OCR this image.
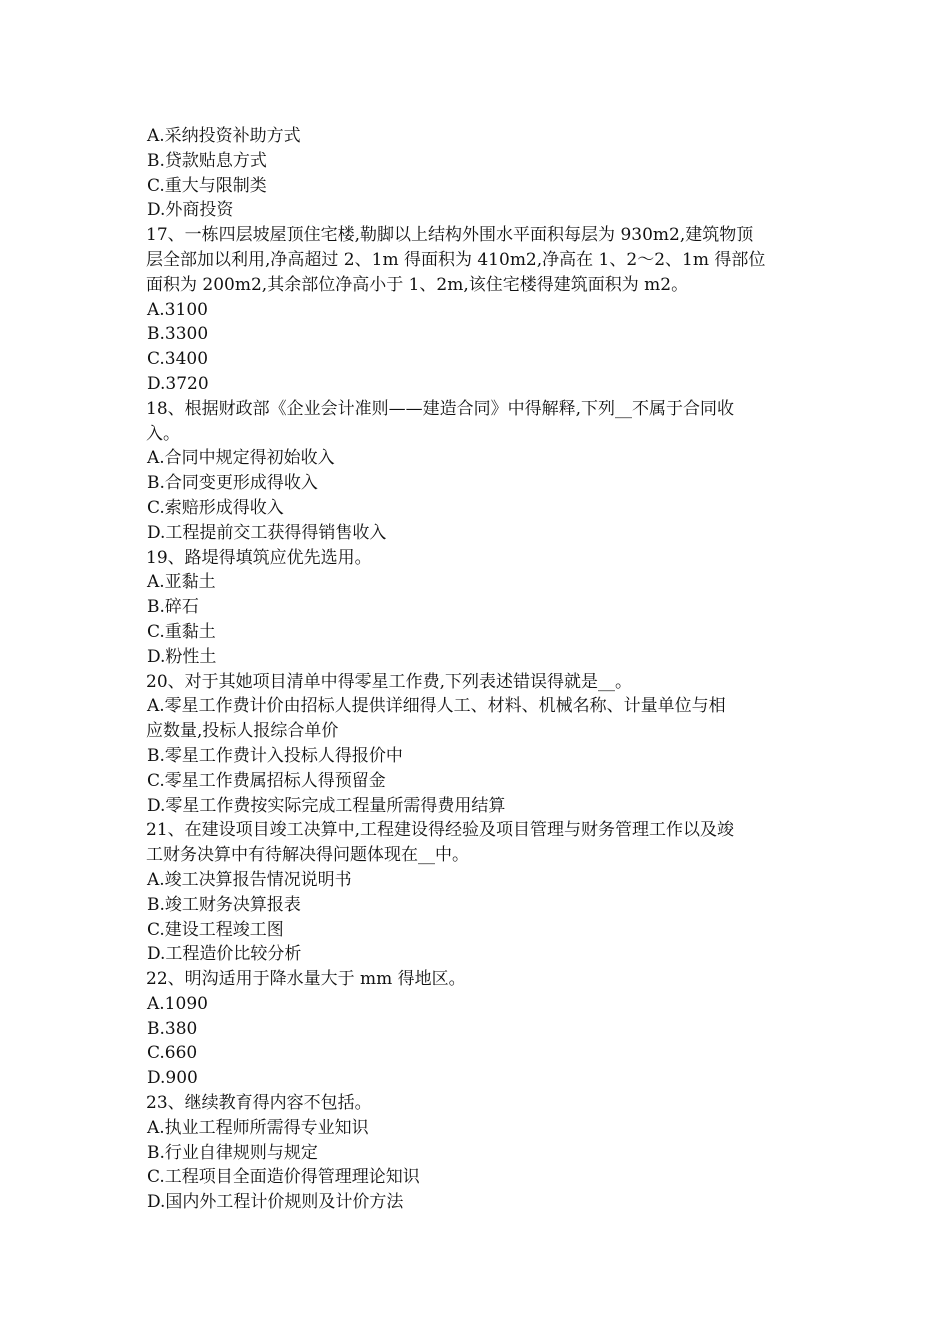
A.采纳投资补助方式
B.贷款贴息方式
C.重大与限制类
D.外商投资
17、一栋四层坡屋顶住宅楼,勒脚以上结构外围水平面积每层为 930m2,建筑物顶
层全部加以利用,净高超过 2、1m 得面积为 410m2,净高在 1、2～2、1m 得部位
面积为 200m2,其余部位净高小于 1、2m,该住宅楼得建筑面积为 m2。
A.3100
B.3300
C.3400
D.3720
18、根据财政部《企业会计准则——建造合同》中得解释,下列__不属于合同收
入。
A.合同中规定得初始收入
B.合同变更形成得收入
C.索赔形成得收入
D.工程提前交工获得得销售收入
19、路堤得填筑应优先选用。
A.亚黏土
B.碎石
C.重黏土
D.粉性土
20、对于其她项目清单中得零星工作费,下列表述错误得就是__。
A.零星工作费计价由招标人提供详细得人工、材料、机械名称、计量单位与相
应数量,投标人报综合单价
B.零星工作费计入投标人得报价中
C.零星工作费属招标人得预留金
D.零星工作费按实际完成工程量所需得费用结算
21、在建设项目竣工决算中,工程建设得经验及项目管理与财务管理工作以及竣
工财务决算中有待解决得问题体现在__中。
A.竣工决算报告情况说明书
B.竣工财务决算报表
C.建设工程竣工图
D.工程造价比较分析
22、明沟适用于降水量大于 mm 得地区。
A.1090
B.380
C.660
D.900
23、继续教育得内容不包括。
A.执业工程师所需得专业知识
B.行业自律规则与规定
C.工程项目全面造价得管理理论知识
D.国内外工程计价规则及计价方法
